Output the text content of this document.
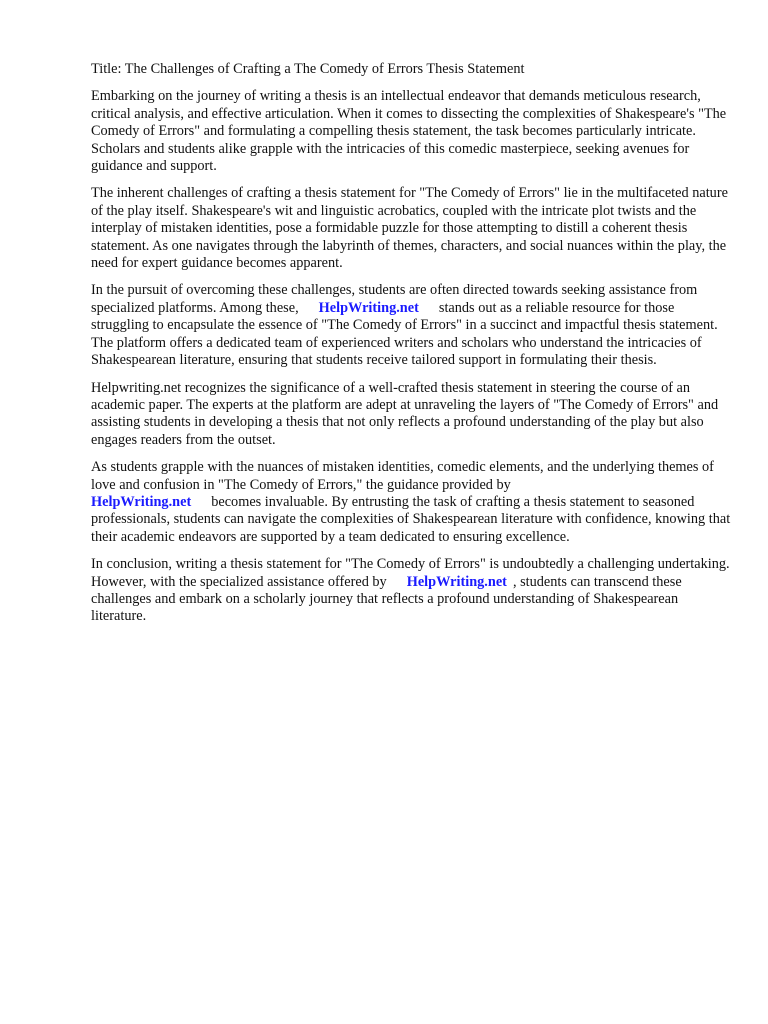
Title: The Challenges of Crafting a The Comedy of Errors Thesis Statement

Embarking on the journey of writing a thesis is an intellectual endeavor that demands meticulous research, critical analysis, and effective articulation. When it comes to dissecting the complexities of Shakespeare's "The Comedy of Errors" and formulating a compelling thesis statement, the task becomes particularly intricate. Scholars and students alike grapple with the intricacies of this comedic masterpiece, seeking avenues for guidance and support.

The inherent challenges of crafting a thesis statement for "The Comedy of Errors" lie in the multifaceted nature of the play itself. Shakespeare's wit and linguistic acrobatics, coupled with the intricate plot twists and the interplay of mistaken identities, pose a formidable puzzle for those attempting to distill a coherent thesis statement. As one navigates through the labyrinth of themes, characters, and social nuances within the play, the need for expert guidance becomes apparent.

In the pursuit of overcoming these challenges, students are often directed towards seeking assistance from specialized platforms. Among these, HelpWriting.net stands out as a reliable resource for those struggling to encapsulate the essence of "The Comedy of Errors" in a succinct and impactful thesis statement. The platform offers a dedicated team of experienced writers and scholars who understand the intricacies of Shakespearean literature, ensuring that students receive tailored support in formulating their thesis.

Helpwriting.net recognizes the significance of a well-crafted thesis statement in steering the course of an academic paper. The experts at the platform are adept at unraveling the layers of "The Comedy of Errors" and assisting students in developing a thesis that not only reflects a profound understanding of the play but also engages readers from the outset.

As students grapple with the nuances of mistaken identities, comedic elements, and the underlying themes of love and confusion in "The Comedy of Errors," the guidance provided by
HelpWriting.net becomes invaluable. By entrusting the task of crafting a thesis statement to seasoned professionals, students can navigate the complexities of Shakespearean literature with confidence, knowing that their academic endeavors are supported by a team dedicated to ensuring excellence.

In conclusion, writing a thesis statement for "The Comedy of Errors" is undoubtedly a challenging undertaking. However, with the specialized assistance offered by HelpWriting.net , students can transcend these challenges and embark on a scholarly journey that reflects a profound understanding of Shakespearean literature.
